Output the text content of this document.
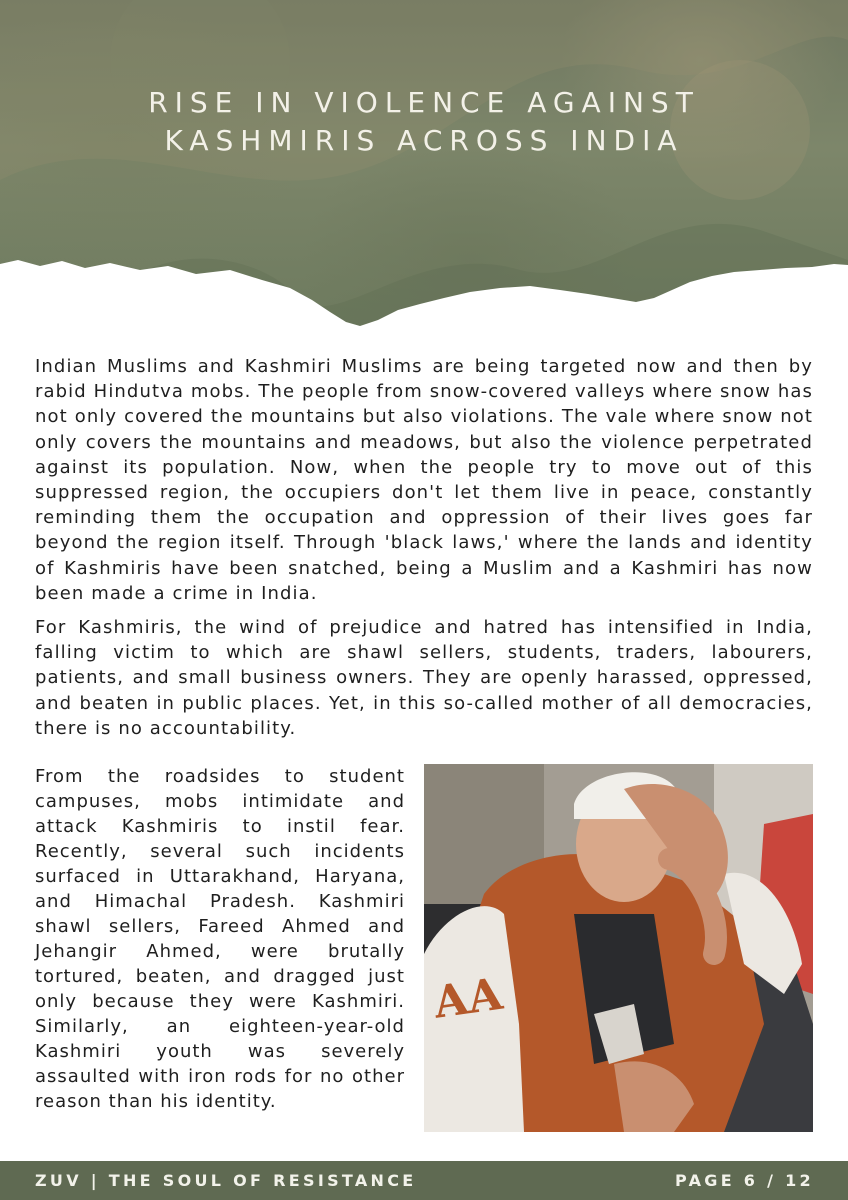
RISE IN VIOLENCE AGAINST
KASHMIRIS ACROSS INDIA

Indian Muslims and Kashmiri Muslims are being targeted now and then by rabid Hindutva mobs. The people from snow-covered valleys where snow has not only covered the mountains but also violations. The vale where snow not only covers the mountains and meadows, but also the violence perpetrated against its population. Now, when the people try to move out of this suppressed region, the occupiers don't let them live in peace, constantly reminding them the occupation and oppression of their lives goes far beyond the region itself. Through 'black laws,' where the lands and identity of Kashmiris have been snatched, being a Muslim and a Kashmiri has now been made a crime in India.

For Kashmiris, the wind of prejudice and hatred has intensified in India, falling victim to which are shawl sellers, students, traders, labourers, patients, and small business owners. They are openly harassed, oppressed, and beaten in public places. Yet, in this so-called mother of all democracies, there is no accountability.

From the roadsides to student campuses, mobs intimidate and attack Kashmiris to instil fear. Recently, several such incidents surfaced in Uttarakhand, Haryana, and Himachal Pradesh. Kashmiri shawl sellers, Fareed Ahmed and Jehangir Ahmed, were brutally tortured, beaten, and dragged just only because they were Kashmiri. Similarly, an eighteen-year-old Kashmiri youth was severely assaulted with iron rods for no other reason than his identity.

AA
ZUV | THE SOUL OF RESISTANCE	PAGE 6 / 12
